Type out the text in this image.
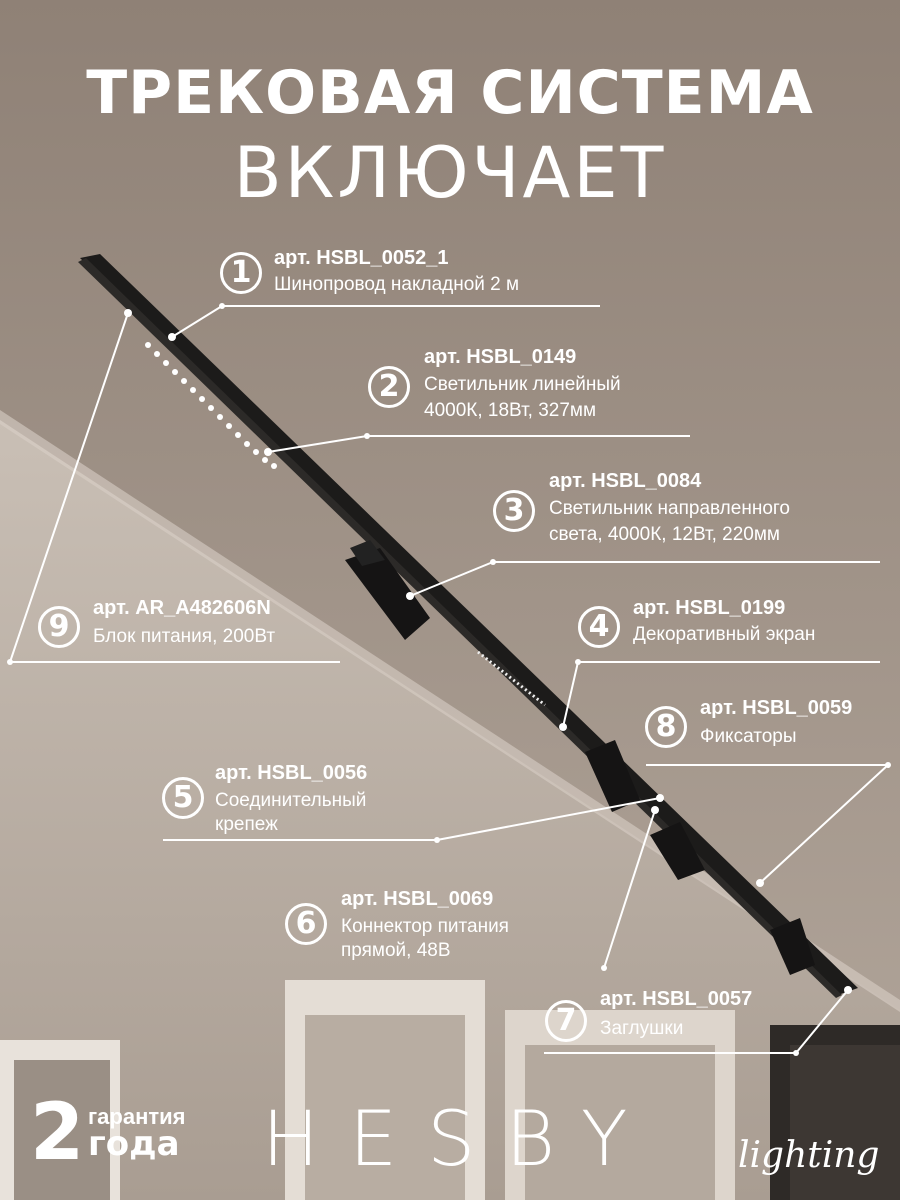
ТРЕКОВАЯ СИСТЕМА
ВКЛЮЧАЕТ
1	арт. HSBL_0052_1
Шинопровод накладной 2 м
2
арт. HSBL_0149
Светильник линейный
4000К, 18Вт, 327мм
3
арт. HSBL_0084
Светильник направленного
света, 4000К, 12Вт, 220мм
4
арт. HSBL_0199
Декоративный экран
5
арт. HSBL_0056
Соединительный
крепеж
6
арт. HSBL_0069
Коннектор питания
прямой, 48В
7
арт. HSBL_0057
Заглушки
8
арт. HSBL_0059
Фиксаторы
9
арт. AR_A482606N
Блок питания, 200Вт
2 гарантия
года HESBY lighting
